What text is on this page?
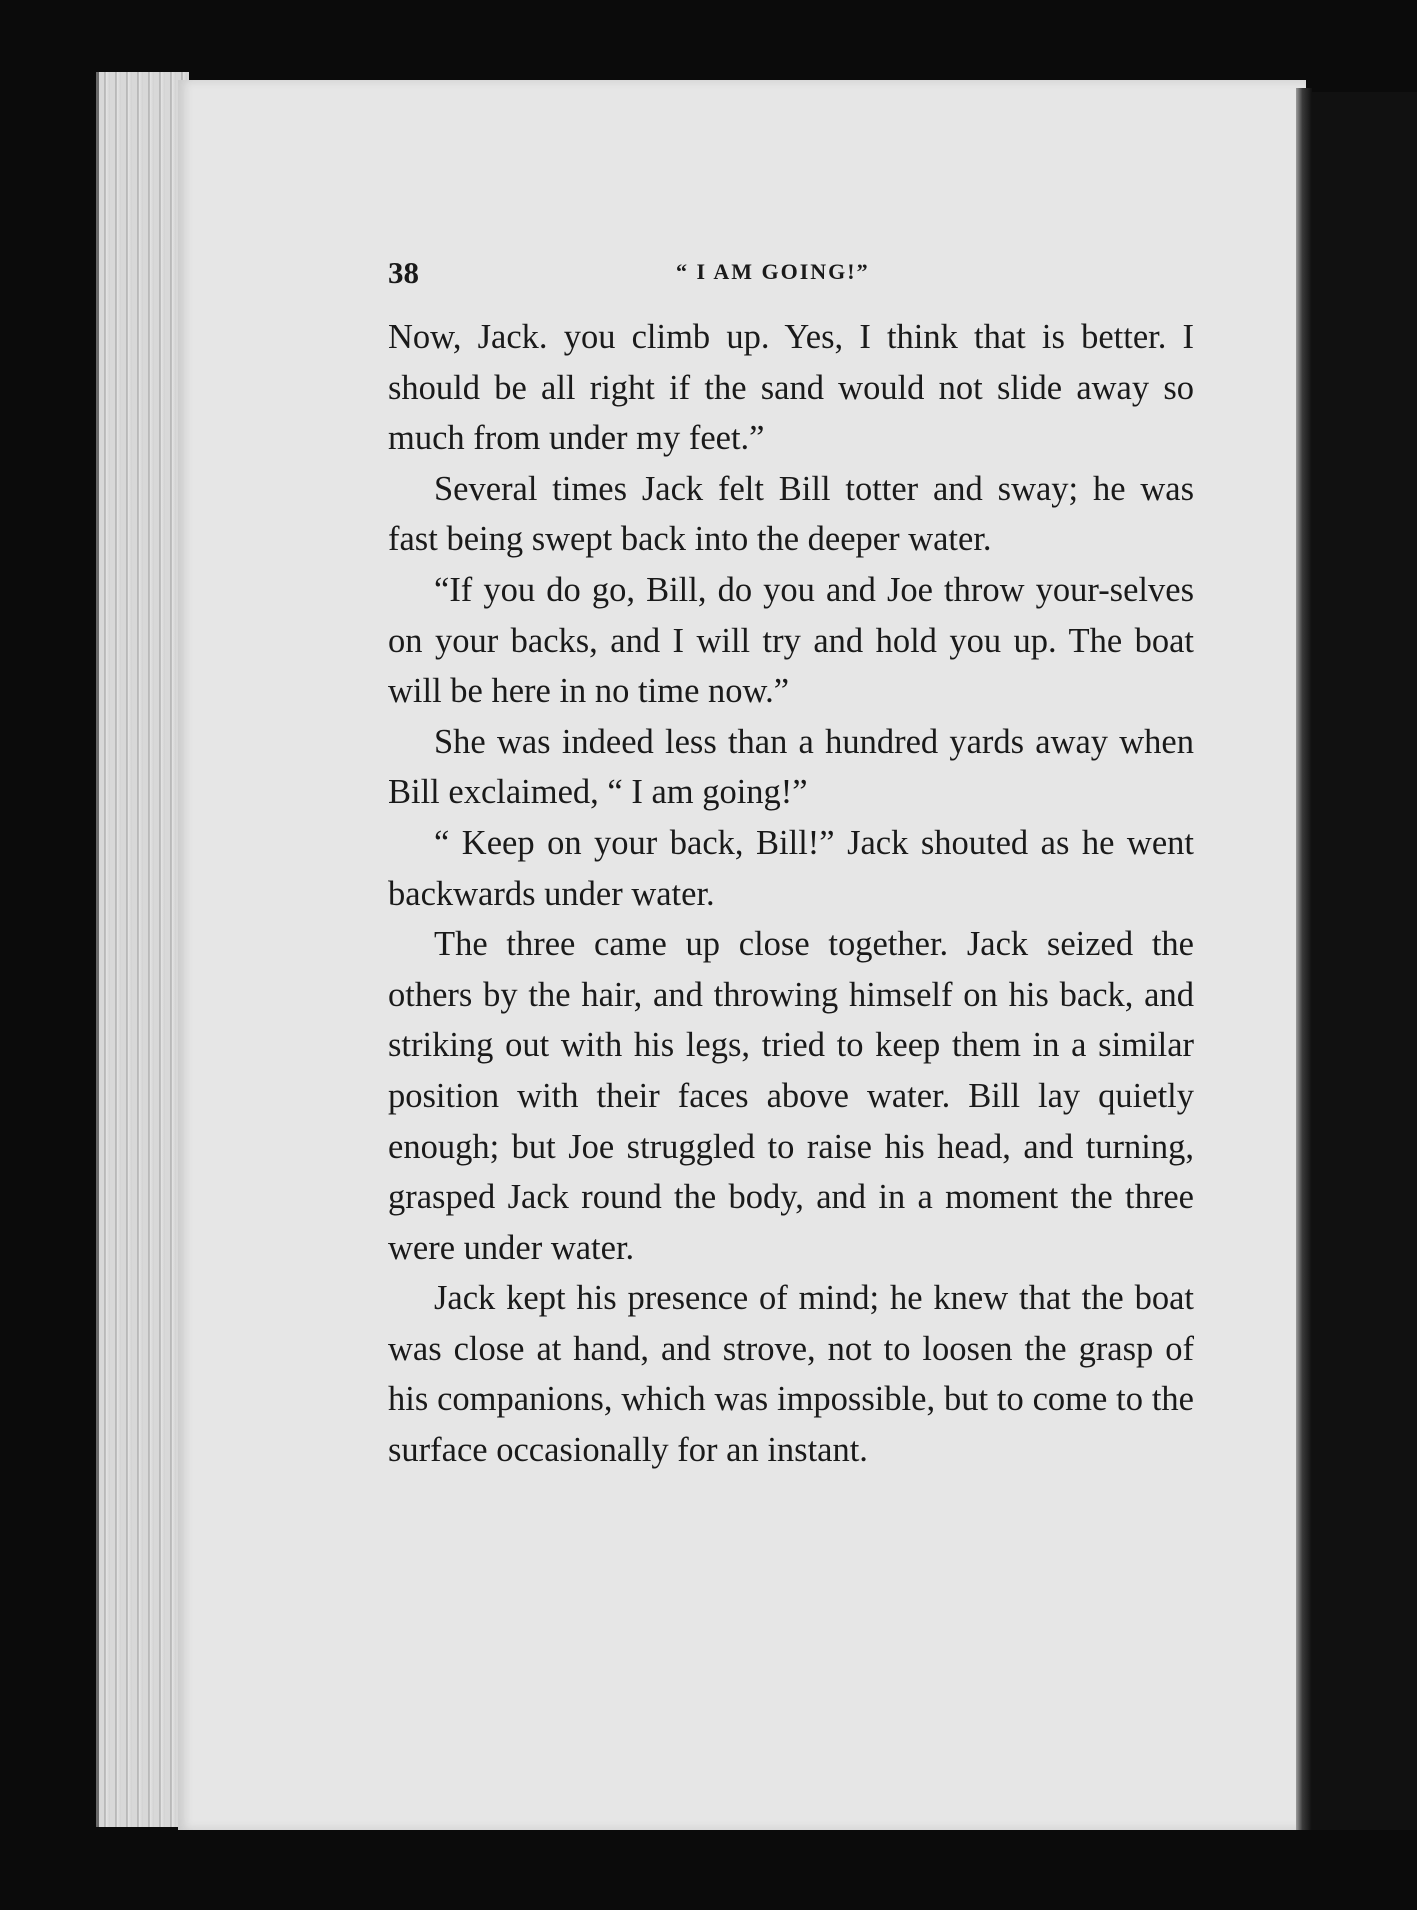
38	“ I AM GOING!”

Now, Jack. you climb up. Yes, I think that is better. I should be all right if the sand would not slide away so much from under my feet.”

Several times Jack felt Bill totter and sway; he was fast being swept back into the deeper water.

“If you do go, Bill, do you and Joe throw your-selves on your backs, and I will try and hold you up. The boat will be here in no time now.”

She was indeed less than a hundred yards away when Bill exclaimed, “ I am going!”

“ Keep on your back, Bill!” Jack shouted as he went backwards under water.

The three came up close together. Jack seized the others by the hair, and throwing himself on his back, and striking out with his legs, tried to keep them in a similar position with their faces above water. Bill lay quietly enough; but Joe struggled to raise his head, and turning, grasped Jack round the body, and in a moment the three were under water.

Jack kept his presence of mind; he knew that the boat was close at hand, and strove, not to loosen the grasp of his companions, which was impossible, but to come to the surface occasionally for an instant.
